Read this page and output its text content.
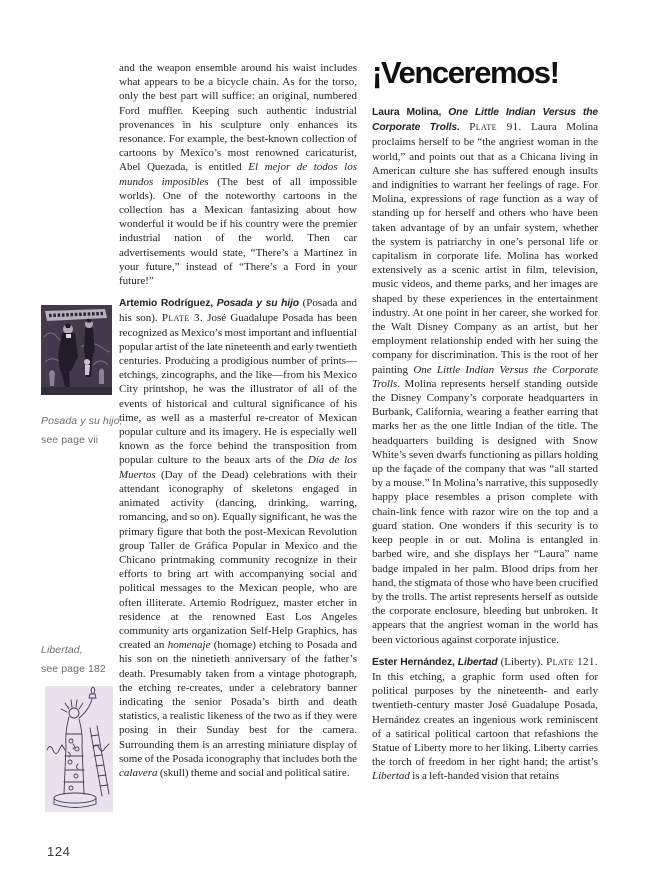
Posada y su hijo,
see page vii
Libertad,
see page 182

and the weapon ensemble around his waist includes what appears to be a bicycle chain. As for the torso, only the best part will suffice: an original, numbered Ford muffler. Keeping such authentic industrial provenances in his sculpture only enhances its resonance. For example, the best-known collection of cartoons by Mexico’s most renowned caricaturist, Abel Quezada, is entitled El mejor de todos los mundos imposibles (The best of all impossible worlds). One of the noteworthy cartoons in the collection has a Mexican fantasizing about how wonderful it would be if his country were the premier industrial nation of the world. Then car advertisements would state, “There’s a Martínez in your future,” instead of “There’s a Ford in your future!”

Artemio Rodríguez, Posada y su hijo (Posada and his son). Plate 3. José Guadalupe Posada has been recognized as Mexico’s most important and influential popular artist of the late nineteenth and early twentieth centuries. Producing a prodigious number of prints—etchings, zincographs, and the like—from his Mexico City printshop, he was the illustrator of all of the events of historical and cultural significance of his time, as well as a masterful re-creator of Mexican popular culture and its imagery. He is especially well known as the force behind the transposition from popular culture to the beaux arts of the Día de los Muertos (Day of the Dead) celebrations with their attendant iconography of skeletons engaged in animated activity (dancing, drinking, warring, romancing, and so on). Equally significant, he was the primary figure that both the post-Mexican Revolution group Taller de Gráfica Popular in Mexico and the Chicano printmaking community recognize in their efforts to bring art with accompanying social and political messages to the Mexican people, who are often illiterate. Artemio Rodríguez, master etcher in residence at the renowned East Los Angeles community arts organization Self-Help Graphics, has created an homenaje (homage) etching to Posada and his son on the ninetieth anniversary of the father’s death. Presumably taken from a vintage photograph, the etching re-creates, under a celebratory banner indicating the senior Posada’s birth and death statistics, a realistic likeness of the two as if they were posing in their Sunday best for the camera. Surrounding them is an arresting miniature display of some of the Posada iconography that includes both the calavera (skull) theme and social and political satire.

¡Venceremos!

Laura Molina, One Little Indian Versus the Corporate Trolls. Plate 91. Laura Molina proclaims herself to be “the angriest woman in the world,” and points out that as a Chicana living in American culture she has suffered enough insults and indignities to warrant her feelings of rage. For Molina, expressions of rage function as a way of standing up for herself and others who have been taken advantage of by an unfair system, whether the system is patriarchy in one’s personal life or capitalism in corporate life. Molina has worked extensively as a scenic artist in film, television, music videos, and theme parks, and her images are shaped by these experiences in the entertainment industry. At one point in her career, she worked for the Walt Disney Company as an artist, but her employment relationship ended with her suing the company for discrimination. This is the root of her painting One Little Indian Versus the Corporate Trolls. Molina represents herself standing outside the Disney Company’s corporate headquarters in Burbank, California, wearing a feather earring that marks her as the one little Indian of the title. The headquarters building is designed with Snow White’s seven dwarfs functioning as pillars holding up the façade of the company that was “all started by a mouse.” In Molina’s narrative, this supposedly happy place resembles a prison complete with chain-link fence with razor wire on the top and a guard station. One wonders if this security is to keep people in or out. Molina is entangled in barbed wire, and she displays her “Laura” name badge impaled in her palm. Blood drips from her hand, the stigmata of those who have been crucified by the trolls. The artist represents herself as outside the corporate enclosure, bleeding but unbroken. It appears that the angriest woman in the world has been victorious against corporate injustice.

Ester Hernández, Libertad (Liberty). Plate 121. In this etching, a graphic form used often for political purposes by the nineteenth- and early twentieth-century master José Guadalupe Posada, Hernández creates an ingenious work reminiscent of a satirical political cartoon that refashions the Statue of Liberty more to her liking. Liberty carries the torch of freedom in her right hand; the artist’s Libertad is a left-handed vision that retains

124
